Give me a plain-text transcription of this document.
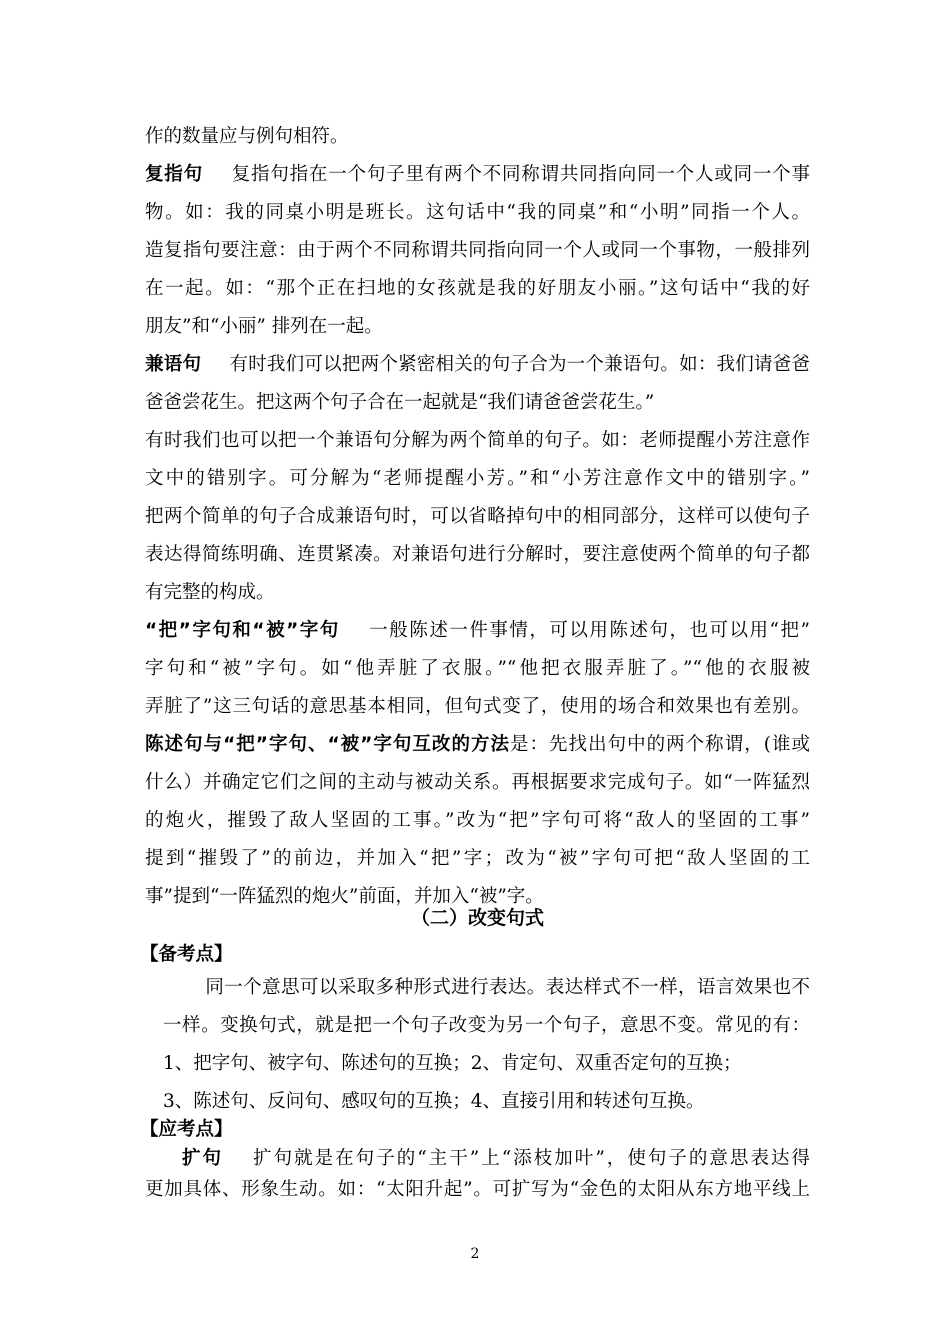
作的数量应与例句相符。
复指句 复指句指在一个句子里有两个不同称谓共同指向同一个人或同一个事
物。如：我的同桌小明是班长。这句话中“我的同桌”和“小明”同指一个人。
造复指句要注意：由于两个不同称谓共同指向同一个人或同一个事物，一般排列
在一起。如：“那个正在扫地的女孩就是我的好朋友小丽。”这句话中“我的好
朋友”和“小丽” 排列在一起。
兼语句 有时我们可以把两个紧密相关的句子合为一个兼语句。如：我们请爸爸
爸爸尝花生。把这两个句子合在一起就是“我们请爸爸尝花生。”
有时我们也可以把一个兼语句分解为两个简单的句子。如：老师提醒小芳注意作
文中的错别字。可分解为“老师提醒小芳。”和“小芳注意作文中的错别字。”
把两个简单的句子合成兼语句时，可以省略掉句中的相同部分，这样可以使句子
表达得简练明确、连贯紧凑。对兼语句进行分解时，要注意使两个简单的句子都
有完整的构成。
“把”字句和“被”字句 一般陈述一件事情，可以用陈述句，也可以用“把”
字句和“被”字句。如“他弄脏了衣服。”“他把衣服弄脏了。”“他的衣服被
弄脏了”这三句话的意思基本相同，但句式变了，使用的场合和效果也有差别。
陈述句与“把”字句、“被”字句互改的方法是：先找出句中的两个称谓，(谁或
什么）并确定它们之间的主动与被动关系。再根据要求完成句子。如“一阵猛烈
的炮火，摧毁了敌人坚固的工事。”改为“把”字句可将“敌人的坚固的工事”
提到“摧毁了”的前边，并加入“把”字；改为“被”字句可把“敌人坚固的工
事”提到“一阵猛烈的炮火”前面，并加入“被”字。
（二）改变句式
【备考点】
同一个意思可以采取多种形式进行表达。表达样式不一样，语言效果也不
一样。变换句式，就是把一个句子改变为另一个句子，意思不变。常见的有：
1、把字句、被字句、陈述句的互换；2、肯定句、双重否定句的互换；
3、陈述句、反问句、感叹句的互换；4、直接引用和转述句互换。
【应考点】
扩句 扩句就是在句子的“主干”上“添枝加叶”，使句子的意思表达得
更加具体、形象生动。如：“太阳升起”。可扩写为“金色的太阳从东方地平线上
2
